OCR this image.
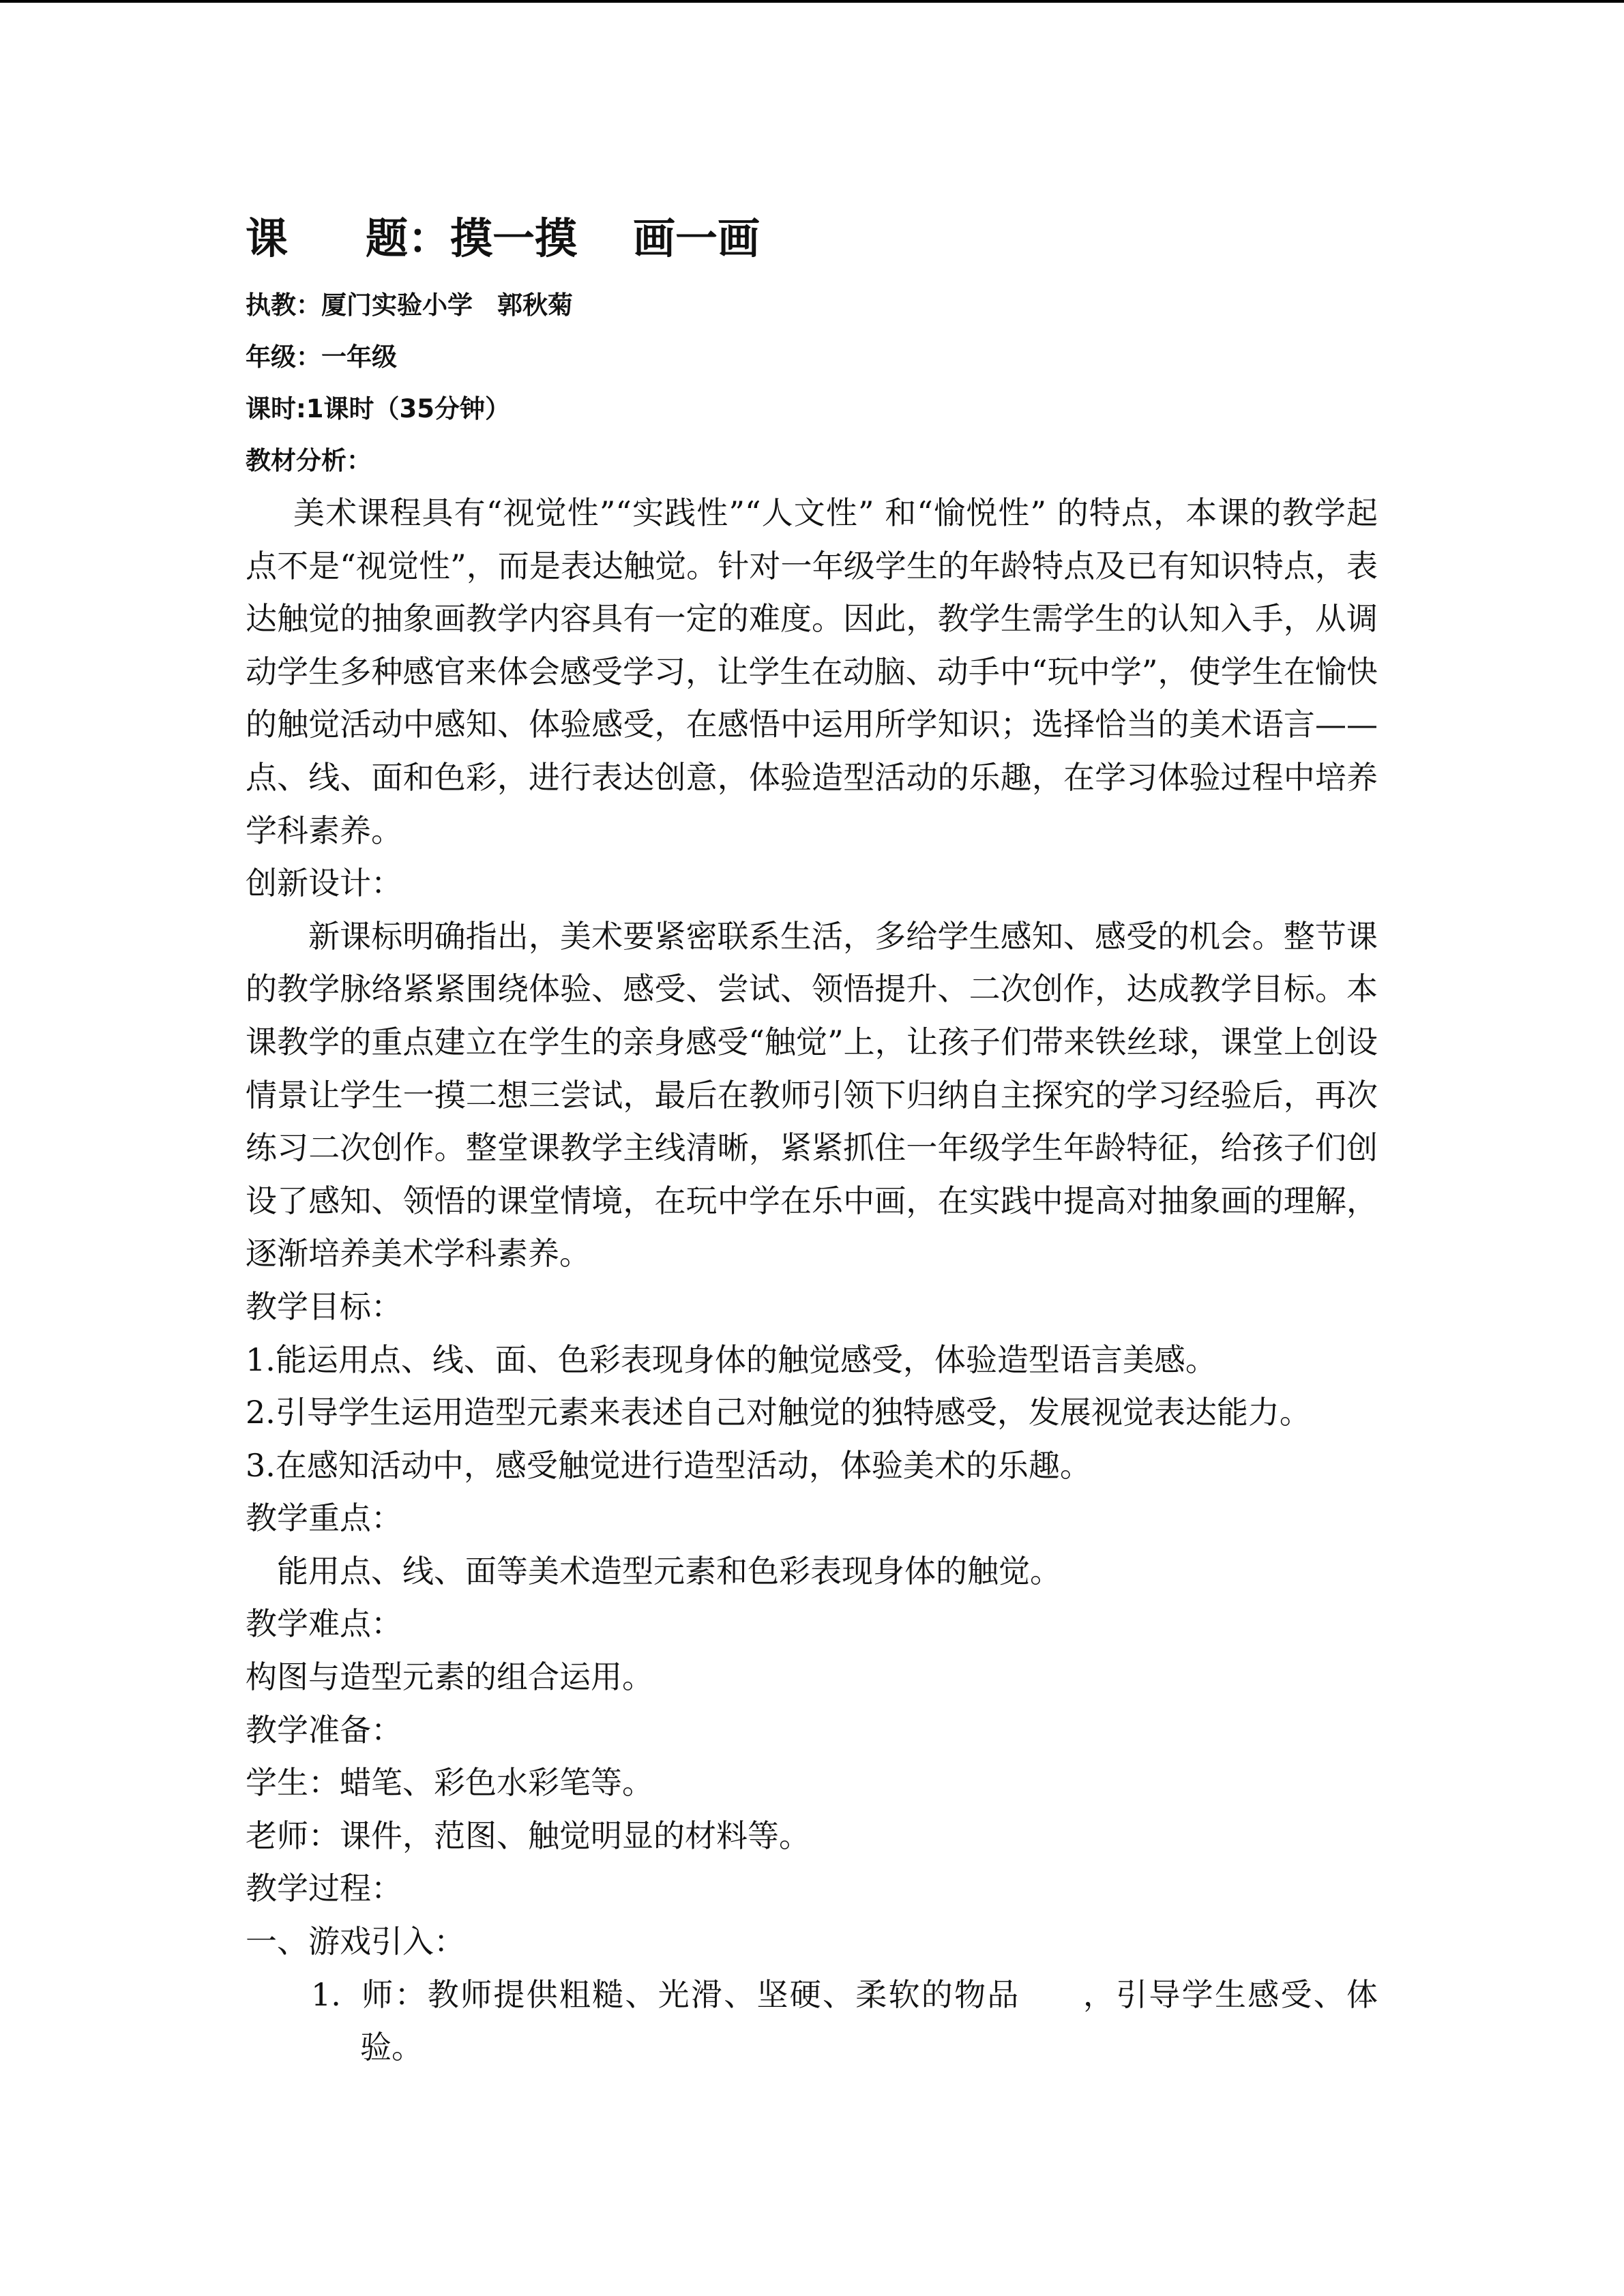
课 题：摸一摸 画一画
执教：厦门实验小学 郭秋菊
年级：一年级
课时:1课时（35分钟）
教材分析：
美术课程具有“视觉性”“实践性”“人文性” 和“愉悦性” 的特点，本课的教学起点不是“视觉性”，而是表达触觉。针对一年级学生的年龄特点及已有知识特点，表达触觉的抽象画教学内容具有一定的难度。因此，教学生需学生的认知入手，从调动学生多种感官来体会感受学习，让学生在动脑、动手中“玩中学”，使学生在愉快的触觉活动中感知、体验感受，在感悟中运用所学知识；选择恰当的美术语言——点、线、面和色彩，进行表达创意，体验造型活动的乐趣，在学习体验过程中培养学科素养。
创新设计：
新课标明确指出，美术要紧密联系生活，多给学生感知、感受的机会。整节课的教学脉络紧紧围绕体验、感受、尝试、领悟提升、二次创作，达成教学目标。本课教学的重点建立在学生的亲身感受“触觉”上，让孩子们带来铁丝球，课堂上创设情景让学生一摸二想三尝试，最后在教师引领下归纳自主探究的学习经验后，再次练习二次创作。整堂课教学主线清晰，紧紧抓住一年级学生年龄特征，给孩子们创设了感知、领悟的课堂情境，在玩中学在乐中画，在实践中提高对抽象画的理解，逐渐培养美术学科素养。
教学目标：
1.能运用点、线、面、色彩表现身体的触觉感受，体验造型语言美感。
2.引导学生运用造型元素来表述自己对触觉的独特感受，发展视觉表达能力。
3.在感知活动中，感受触觉进行造型活动，体验美术的乐趣。
教学重点：
能用点、线、面等美术造型元素和色彩表现身体的触觉。
教学难点：
构图与造型元素的组合运用。
教学准备：
学生：蜡笔、彩色水彩笔等。
老师：课件，范图、触觉明显的材料等。
教学过程：
一、游戏引入：
1. 师：教师提供粗糙、光滑、坚硬、柔软的物品 ，引导学生感受、体验。
